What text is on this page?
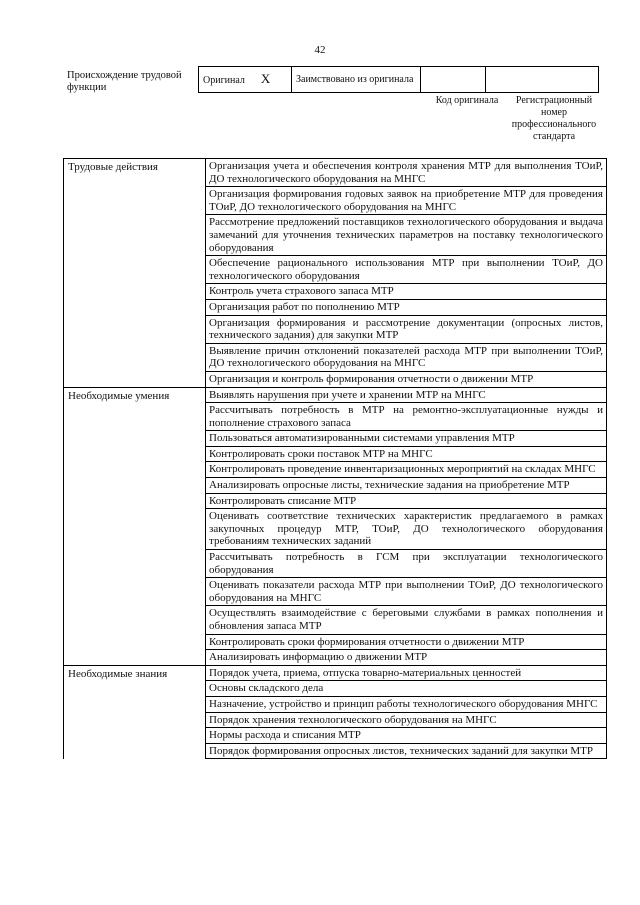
42
Происхождение трудовой функции
Оригинал X	Заимствовано из оригинала		
Код оригинала	Регистрационный номер профессионального стандарта
Трудовые действия	Организация учета и обеспечения контроля хранения МТР для выполнения ТОиР, ДО технологического оборудования на МНГС
	Организация формирования годовых заявок на приобретение МТР для проведения ТОиР, ДО технологического оборудования на МНГС
	Рассмотрение предложений поставщиков технологического оборудования и выдача замечаний для уточнения технических параметров на поставку технологического оборудования
	Обеспечение рационального использования МТР при выполнении ТОиР, ДО технологического оборудования
	Контроль учета страхового запаса МТР
	Организация работ по пополнению МТР
	Организация формирования и рассмотрение документации (опросных листов, технического задания) для закупки МТР
	Выявление причин отклонений показателей расхода МТР при выполнении ТОиР, ДО технологического оборудования на МНГС
	Организация и контроль формирования отчетности о движении МТР
Необходимые умения	Выявлять нарушения при учете и хранении МТР на МНГС
	Рассчитывать потребность в МТР на ремонтно-эксплуатационные нужды и пополнение страхового запаса
	Пользоваться автоматизированными системами управления МТР
	Контролировать сроки поставок МТР на МНГС
	Контролировать проведение инвентаризационных мероприятий на складах МНГС
	Анализировать опросные листы, технические задания на приобретение МТР
	Контролировать списание МТР
	Оценивать соответствие технических характеристик предлагаемого в рамках закупочных процедур МТР, ТОиР, ДО технологического оборудования требованиям технических заданий
	Рассчитывать потребность в ГСМ при эксплуатации технологического оборудования
	Оценивать показатели расхода МТР при выполнении ТОиР, ДО технологического оборудования на МНГС
	Осуществлять взаимодействие с береговыми службами в рамках пополнения и обновления запаса МТР
	Контролировать сроки формирования отчетности о движении МТР
	Анализировать информацию о движении МТР
Необходимые знания	Порядок учета, приема, отпуска товарно-материальных ценностей
	Основы складского дела
	Назначение, устройство и принцип работы технологического оборудования МНГС
	Порядок хранения технологического оборудования на МНГС
	Нормы расхода и списания МТР
	Порядок формирования опросных листов, технических заданий для закупки МТР
